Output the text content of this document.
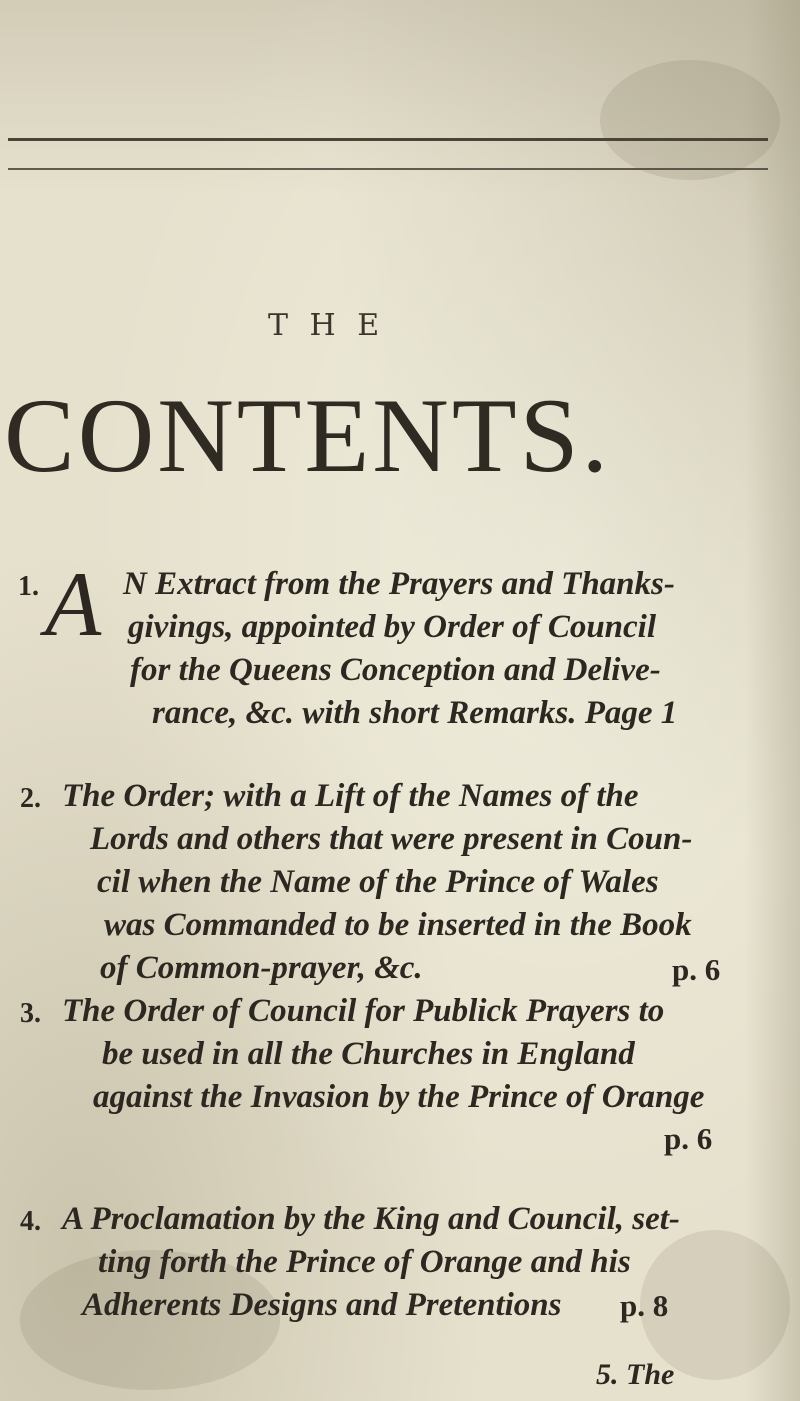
T H E
CONTENTS.
1. A N Extract from the Prayers and Thanks-
givings, appointed by Order of Council
for the Queens Conception and Delive-
rance, &c. with short Remarks. Page 1
2. The Order; with a Lift of the Names of the
Lords and others that were present in Coun-
cil when the Name of the Prince of Wales
was Commanded to be inserted in the Book
of Common-prayer, &c.	p. 6
3. The Order of Council for Publick Prayers to
be used in all the Churches in England
against the Invasion by the Prince of Orange
p. 6
4. A Proclamation by the King and Council, set-
ting forth the Prince of Orange and his
Adherents Designs and Pretentions p. 8
5. The
